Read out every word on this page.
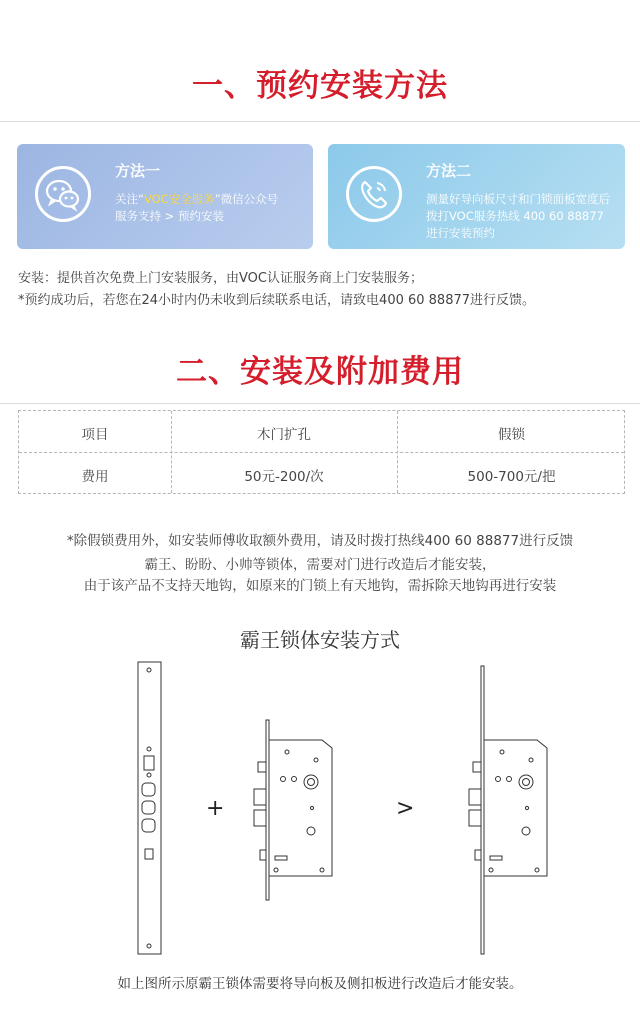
一、预约安装方法
方法一
关注“VOC安全服务”微信公众号
服务支持 > 预约安装
方法二
测量好导向板尺寸和门锁面板宽度后
拨打VOC服务热线 400 60 88877
进行安装预约
安装：提供首次免费上门安装服务，由VOC认证服务商上门安装服务；
*预约成功后，若您在24小时内仍未收到后续联系电话，请致电400 60 88877进行反馈。
二、安装及附加费用
项目	木门扩孔	假锁
费用	50元-200/次	500-700元/把
*除假锁费用外，如安装师傅收取额外费用，请及时拨打热线400 60 88877进行反馈
霸王、盼盼、小帅等锁体，需要对门进行改造后才能安装，
由于该产品不支持天地钩，如原来的门锁上有天地钩，需拆除天地钩再进行安装
霸王锁体安装方式
+	>
如上图所示原霸王锁体需要将导向板及侧扣板进行改造后才能安装。
